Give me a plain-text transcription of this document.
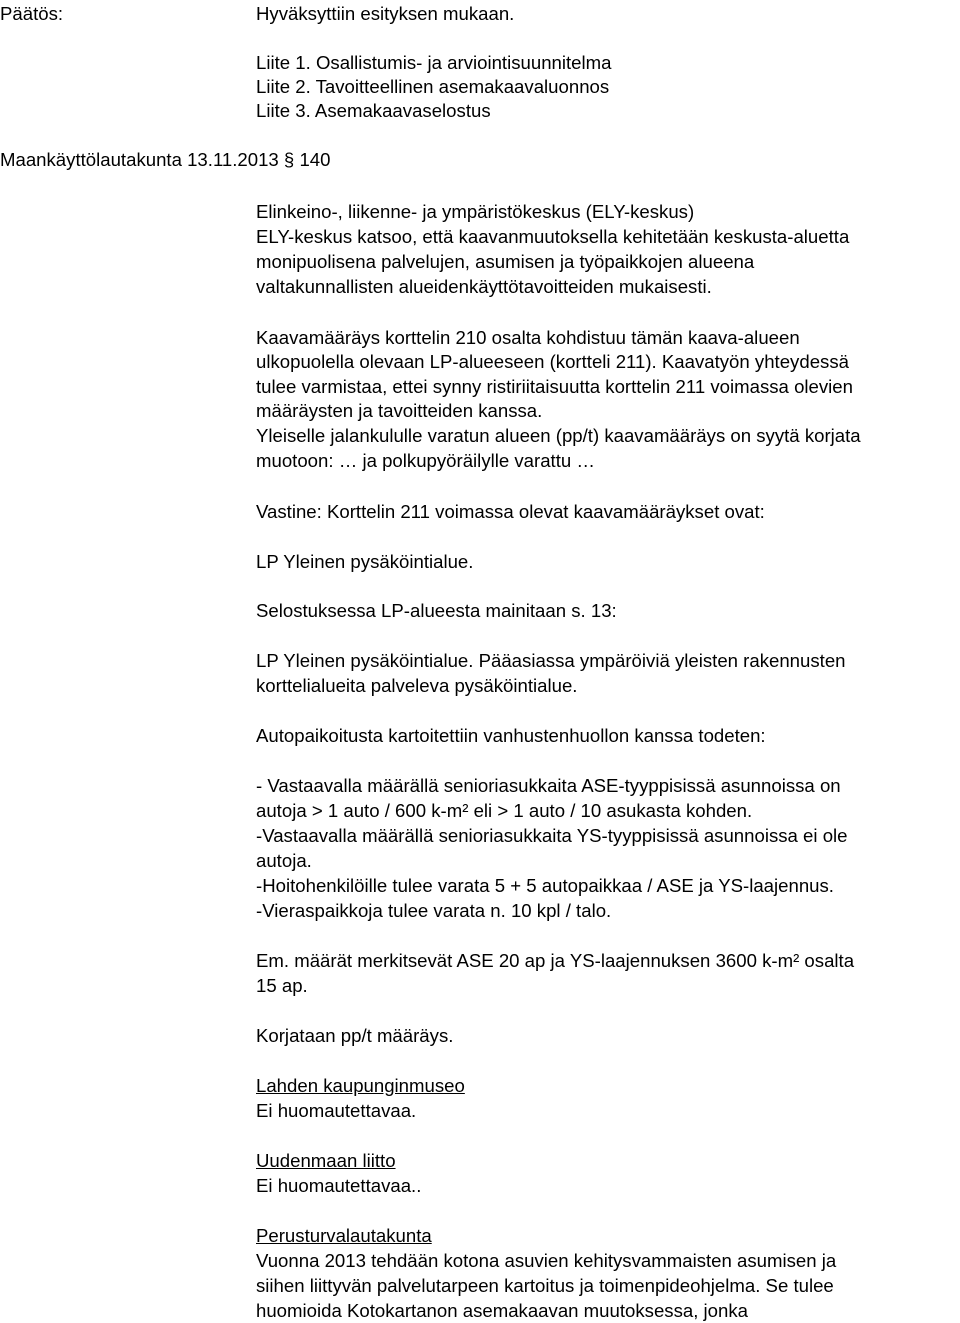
Päätös:	Hyväksyttiin esityksen mukaan.

Liite 1. Osallistumis- ja arviointisuunnitelma

Liite 2. Tavoitteellinen asemakaavaluonnos

Liite 3. Asemakaavaselostus

Maankäyttölautakunta 13.11.2013 § 140

Elinkeino-, liikenne- ja ympäristökeskus (ELY-keskus)

ELY-keskus katsoo, että kaavanmuutoksella kehitetään keskusta-aluetta

monipuolisena palvelujen, asumisen ja työpaikkojen alueena

valtakunnallisten alueidenkäyttötavoitteiden mukaisesti.

Kaavamääräys korttelin 210 osalta kohdistuu tämän kaava-alueen

ulkopuolella olevaan LP-alueeseen (kortteli 211). Kaavatyön yhteydessä

tulee varmistaa, ettei synny ristiriitaisuutta korttelin 211 voimassa olevien

määräysten ja tavoitteiden kanssa.

Yleiselle jalankululle varatun alueen (pp/t) kaavamääräys on syytä korjata

muotoon: … ja polkupyöräilylle varattu …

Vastine: Korttelin 211 voimassa olevat kaavamääräykset ovat:

LP Yleinen pysäköintialue.

Selostuksessa LP-alueesta mainitaan s. 13:

LP Yleinen pysäköintialue. Pääasiassa ympäröiviä yleisten rakennusten

korttelialueita palveleva pysäköintialue.

Autopaikoitusta kartoitettiin vanhustenhuollon kanssa todeten:

- Vastaavalla määrällä senioriasukkaita ASE-tyyppisissä asunnoissa on

autoja > 1 auto / 600 k-m² eli > 1 auto / 10 asukasta kohden.

-Vastaavalla määrällä senioriasukkaita YS-tyyppisissä asunnoissa ei ole

autoja.

-Hoitohenkilöille tulee varata 5 + 5 autopaikkaa / ASE ja YS-laajennus.

-Vieraspaikkoja tulee varata n. 10 kpl / talo.

Em. määrät merkitsevät ASE 20 ap ja YS-laajennuksen 3600 k-m² osalta

15 ap.

Korjataan pp/t määräys.

Lahden kaupunginmuseo

Ei huomautettavaa.

Uudenmaan liitto

Ei huomautettavaa..

Perusturvalautakunta

Vuonna 2013 tehdään kotona asuvien kehitysvammaisten asumisen ja

siihen liittyvän palvelutarpeen kartoitus ja toimenpideohjelma. Se tulee

huomioida Kotokartanon asemakaavan muutoksessa, jonka
